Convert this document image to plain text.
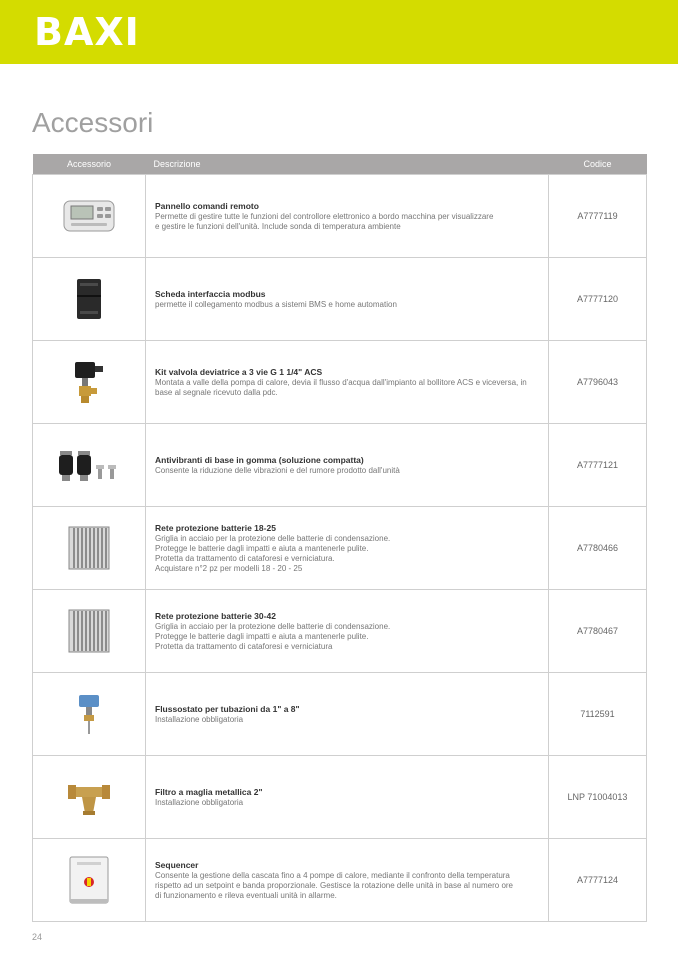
BAXI
Accessori
Accessorio	Descrizione	Codice

Pannello comandi remoto
Permette di gestire tutte le funzioni del controllore elettronico a bordo macchina per visualizzare
e gestire le funzioni dell'unità. Include sonda di temperatura ambiente	A7777119

Scheda interfaccia modbus
permette il collegamento modbus a sistemi BMS e home automation	A7777120

Kit valvola deviatrice a 3 vie G 1 1/4" ACS
Montata a valle della pompa di calore, devia il flusso d'acqua dall'impianto al bollitore ACS e viceversa, in
base al segnale ricevuto dalla pdc.	A7796043

Antivibranti di base in gomma (soluzione compatta)
Consente la riduzione delle vibrazioni e del rumore prodotto dall'unità	A7777121

Rete protezione batterie 18-25
Griglia in acciaio per la protezione delle batterie di condensazione.
Protegge le batterie dagli impatti e aiuta a mantenerle pulite.
Protetta da trattamento di cataforesi e verniciatura.
Acquistare n°2 pz per modelli 18 - 20 - 25	A7780466

Rete protezione batterie 30-42
Griglia in acciaio per la protezione delle batterie di condensazione.
Protegge le batterie dagli impatti e aiuta a mantenerle pulite.
Protetta da trattamento di cataforesi e verniciatura	A7780467

Flussostato per tubazioni da 1" a 8"
Installazione obbligatoria	7112591

Filtro a maglia metallica 2"
Installazione obbligatoria	LNP 71004013

Sequencer
Consente la gestione della cascata fino a 4 pompe di calore, mediante il confronto della temperatura
rispetto ad un setpoint e banda proporzionale. Gestisce la rotazione delle unità in base al numero ore
di funzionamento e rileva eventuali unità in allarme.	A7777124
24
